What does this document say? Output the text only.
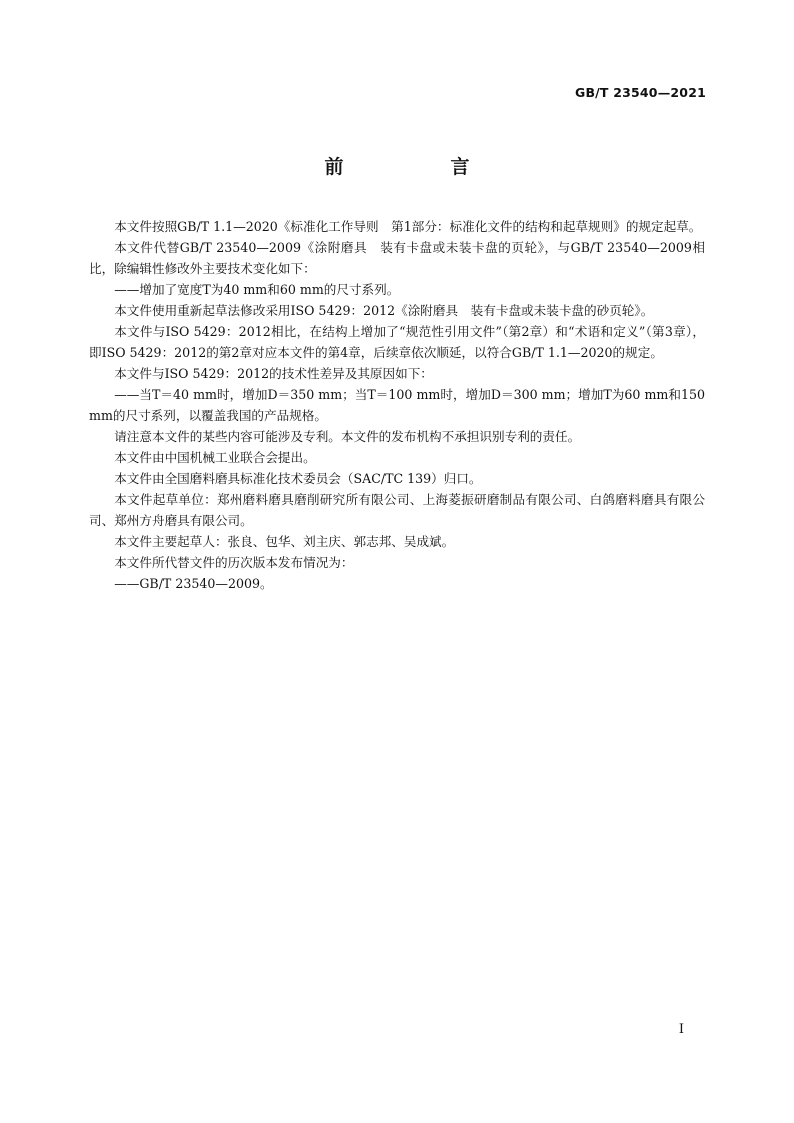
GB/T 23540—2021
前　言

本文件按照GB/T 1.1—2020《标准化工作导则　第1部分：标准化文件的结构和起草规则》的规定起草。

本文件代替GB/T 23540—2009《涂附磨具　装有卡盘或未装卡盘的页轮》，与GB/T 23540—2009相比，除编辑性修改外主要技术变化如下：

——增加了宽度T为40 mm和60 mm的尺寸系列。

本文件使用重新起草法修改采用ISO 5429：2012《涂附磨具　装有卡盘或未装卡盘的砂页轮》。

本文件与ISO 5429：2012相比，在结构上增加了“规范性引用文件”（第2章）和“术语和定义”（第3章），即ISO 5429：2012的第2章对应本文件的第4章，后续章依次顺延，以符合GB/T 1.1—2020的规定。

本文件与ISO 5429：2012的技术性差异及其原因如下：

——当T＝40 mm时，增加D＝350 mm；当T＝100 mm时，增加D＝300 mm；增加T为60 mm和150 mm的尺寸系列，以覆盖我国的产品规格。

请注意本文件的某些内容可能涉及专利。本文件的发布机构不承担识别专利的责任。

本文件由中国机械工业联合会提出。

本文件由全国磨料磨具标准化技术委员会（SAC/TC 139）归口。

本文件起草单位：郑州磨料磨具磨削研究所有限公司、上海菱振研磨制品有限公司、白鸽磨料磨具有限公司、郑州方舟磨具有限公司。

本文件主要起草人：张良、包华、刘主庆、郭志邦、吴成斌。

本文件所代替文件的历次版本发布情况为：

——GB/T 23540—2009。

I
